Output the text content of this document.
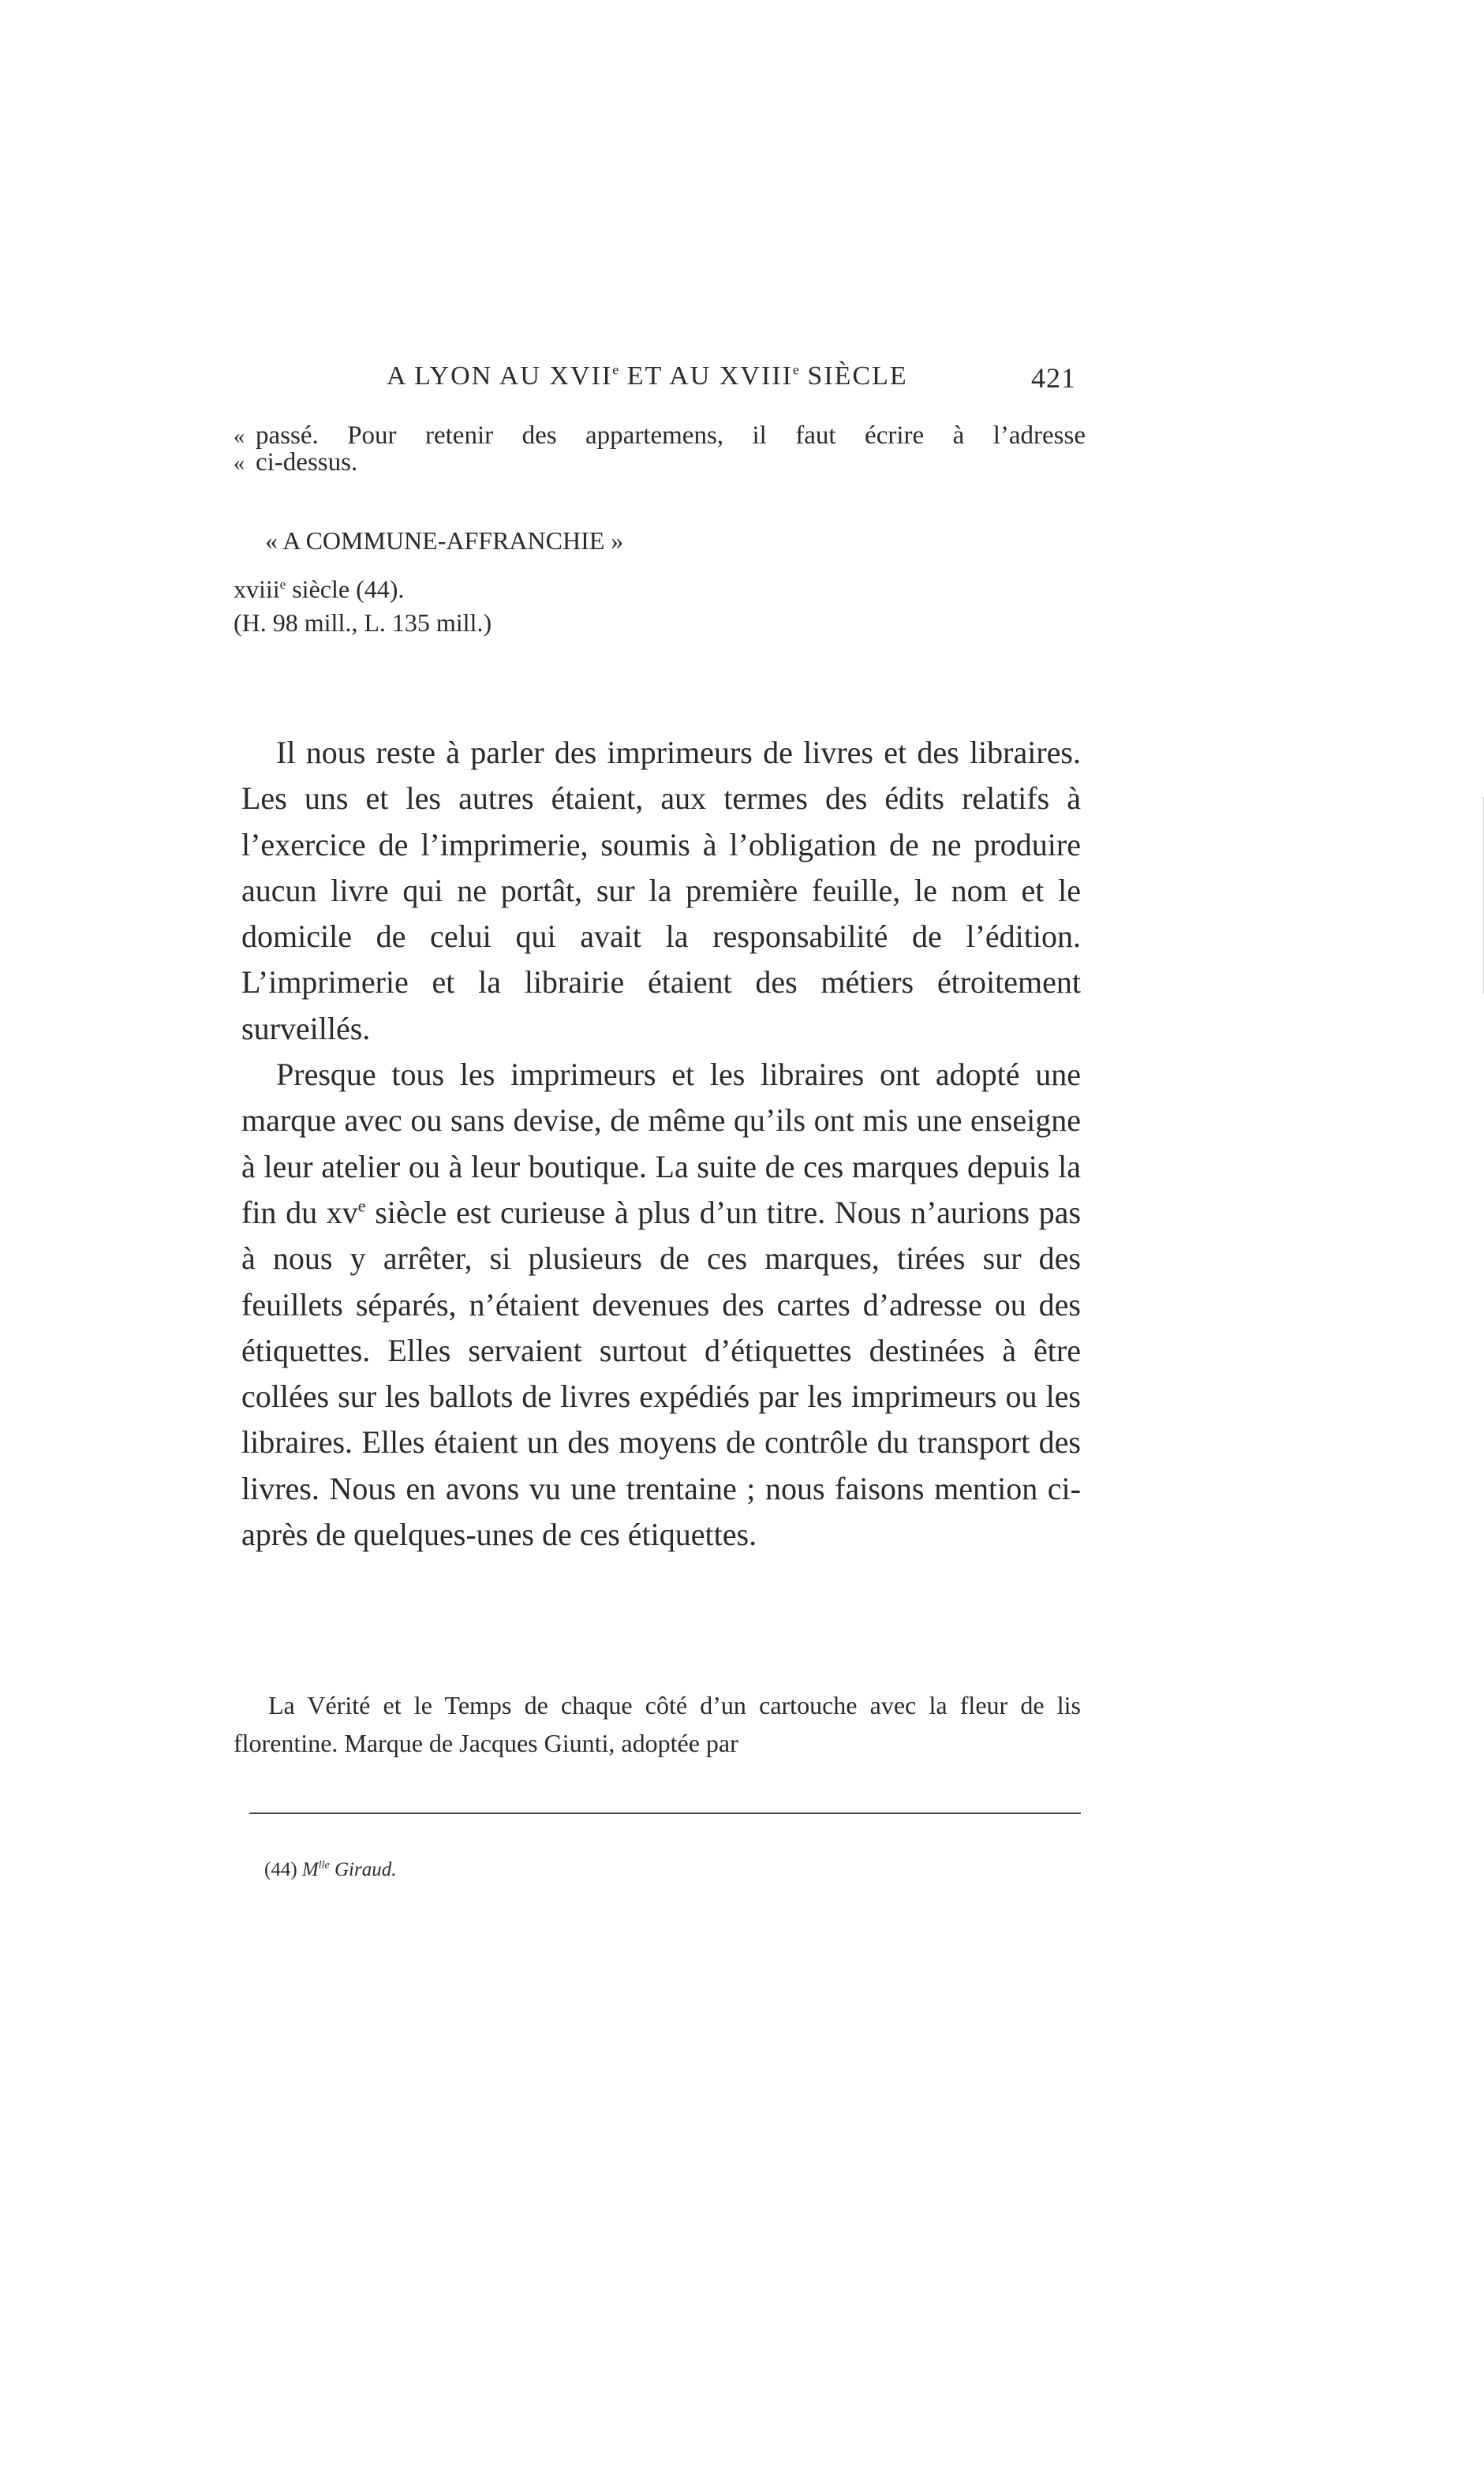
A LYON AU XVIIe ET AU XVIIIe SIÈCLE	421
« passé. Pour retenir des appartemens, il faut écrire à l’adresse
« ci-dessus.
« A COMMUNE-AFFRANCHIE »
xviii$^e$ siècle (44).
(H. 98 mill., L. 135 mill.)

Il nous reste à parler des imprimeurs de livres et des libraires. Les uns et les autres étaient, aux termes des édits relatifs à l’exercice de l’imprimerie, soumis à l’obligation de ne produire aucun livre qui ne portât, sur la première feuille, le nom et le domicile de celui qui avait la responsabilité de l’édition. L’imprimerie et la librairie étaient des métiers étroitement surveillés.

Presque tous les imprimeurs et les libraires ont adopté une marque avec ou sans devise, de même qu’ils ont mis une enseigne à leur atelier ou à leur boutique. La suite de ces marques depuis la fin du $xv^e$ siècle est curieuse à plus d’un titre. Nous n’aurions pas à nous y arrêter, si plusieurs de ces marques, tirées sur des feuillets séparés, n’étaient devenues des cartes d’adresse ou des étiquettes. Elles servaient surtout d’étiquettes destinées à être collées sur les ballots de livres expédiés par les imprimeurs ou les libraires. Elles étaient un des moyens de contrôle du transport des livres. Nous en avons vu une trentaine ; nous faisons mention ci-après de quelques-unes de ces étiquettes.

La Vérité et le Temps de chaque côté d’un cartouche avec la fleur de lis florentine. Marque de Jacques Giunti, adoptée par

(44) $M^{lle}$ Giraud.
